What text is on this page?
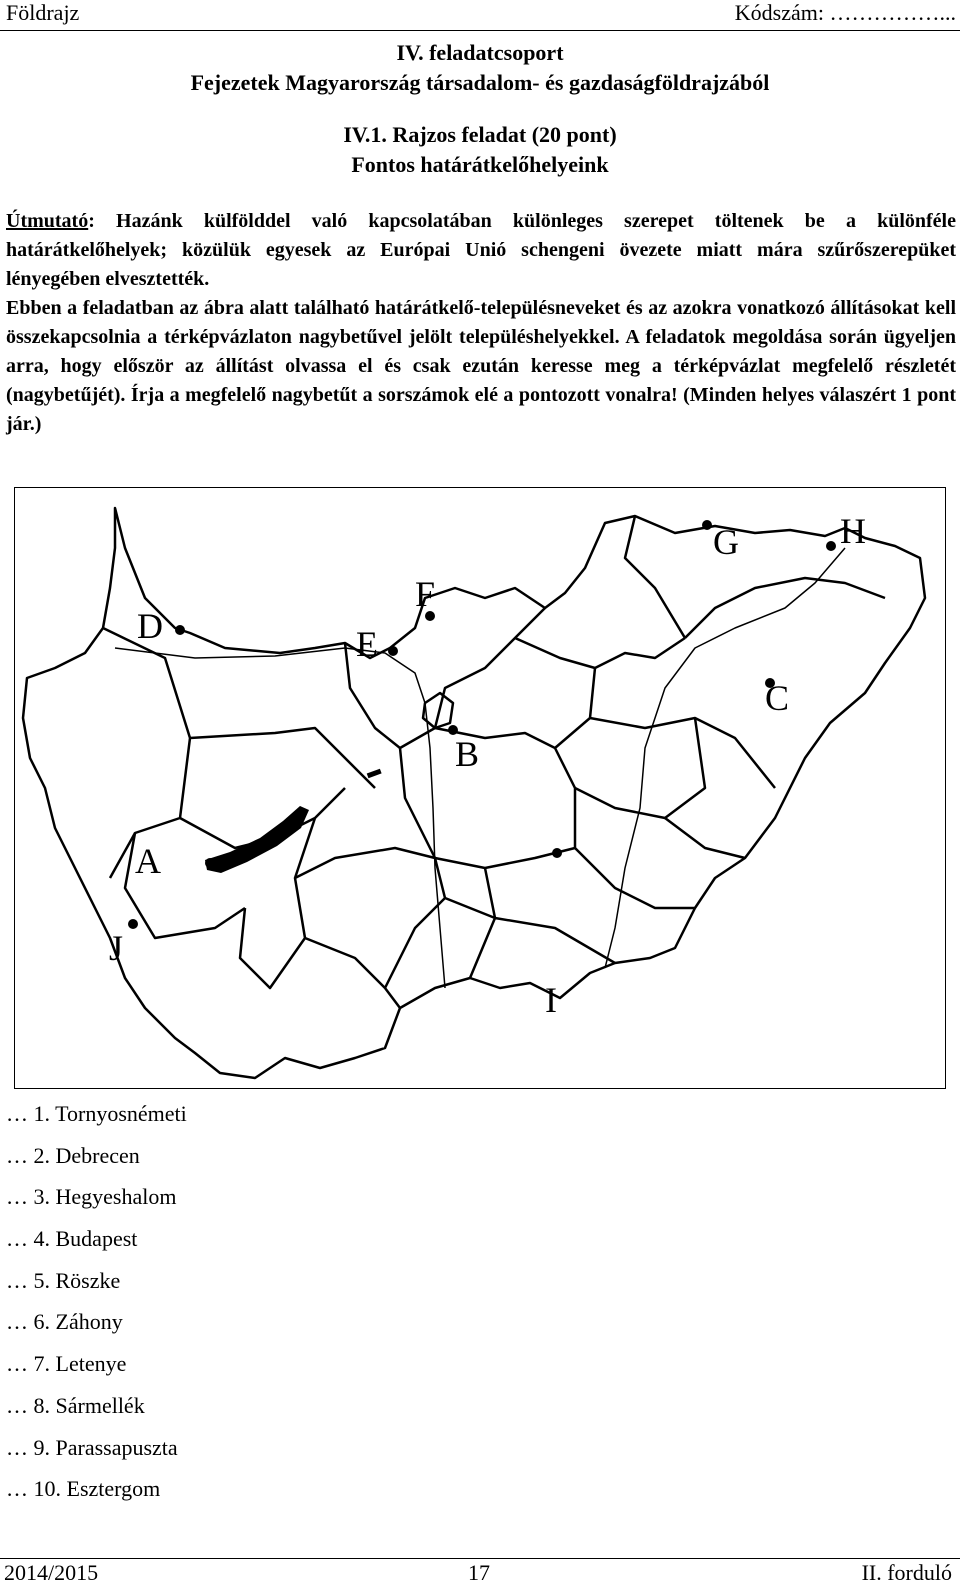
Földrajz	Kódszám: ……………...
IV. feladatcsoport
Fejezetek Magyarország társadalom- és gazdaságföldrajzából
IV.1. Rajzos feladat (20 pont)
Fontos határátkelőhelyeink

Útmutató: Hazánk külfölddel való kapcsolatában különleges szerepet töltenek be a különféle határátkelőhelyek; közülük egyesek az Európai Unió schengeni övezete miatt mára szűrőszerepüket lényegében elvesztették.

Ebben a feladatban az ábra alatt található határátkelő-településneveket és az azokra vonatkozó állításokat kell összekapcsolnia a térképvázlaton nagybetűvel jelölt településhelyekkel. A feladatok megoldása során ügyeljen arra, hogy először az állítást olvassa el és csak ezután keresse meg a térképvázlat megfelelő részletét (nagybetűjét). Írja a megfelelő nagybetűt a sorszámok elé a pontozott vonalra! (Minden helyes válaszért 1 pont jár.)

A
B
C
D	E
F
G	H
I
J
… 1. Tornyosnémeti
… 2. Debrecen
… 3. Hegyeshalom
… 4. Budapest
… 5. Röszke
… 6. Záhony
… 7. Letenye
… 8. Sármellék
… 9. Parassapuszta
… 10. Esztergom
2014/2015	17	II. forduló
